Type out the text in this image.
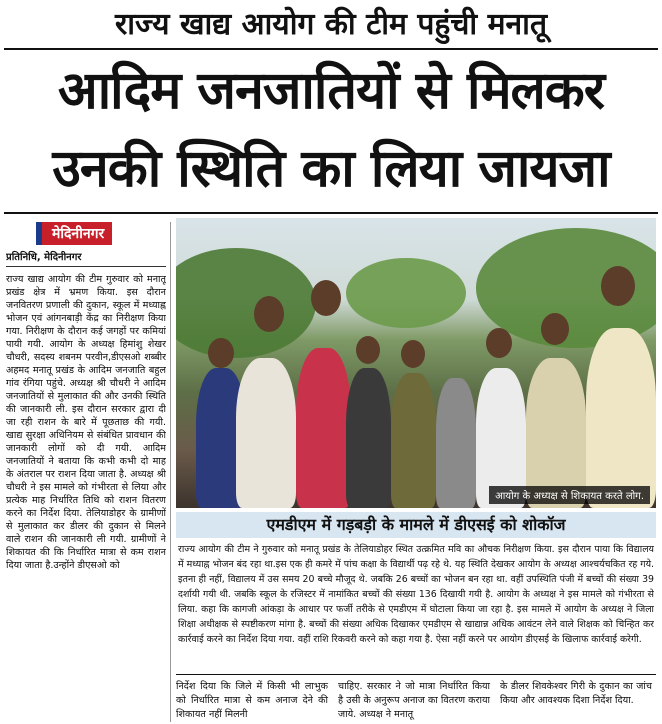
राज्य खाद्य आयोग की टीम पहुंची मनातू
आदिम जनजातियों से मिलकर
उनकी स्थिति का लिया जायजा
मेदिनीनगर
प्रतिनिधि, मेदिनीनगर

राज्य खाद्य आयोग की टीम गुरुवार को मनातू प्रखंड क्षेत्र में भ्रमण किया. इस दौरान जनवितरण प्रणाली की दुकान, स्कूल में मध्याह्न भोजन एवं आंगनबाड़ी केंद्र का निरीक्षण किया गया. निरीक्षण के दौरान कई जगहों पर कमियां पायी गयी. आयोग के अध्यक्ष हिमांशु शेखर चौधरी, सदस्य शबनम परवीन,डीएसओ शब्बीर अहमद मनातू प्रखंड के आदिम जनजाति बहुल गांव रंगिया पहुंचे. अध्यक्ष श्री चौधरी ने आदिम जनजातियों से मुलाकात की और उनकी स्थिति की जानकारी ली. इस दौरान सरकार द्वारा दी जा रही राशन के बारे में पूछताछ की गयी. खाद्य सुरक्षा अधिनियम से संबंधित प्रावधान की जानकारी लोगों को दी गयी. आदिम जनजातियों ने बताया कि कभी कभी दो माह के अंतराल पर राशन दिया जाता है. अध्यक्ष श्री चौधरी ने इस मामले को गंभीरता से लिया और प्रत्येक माह निर्धारित तिथि को राशन वितरण करने का निर्देश दिया. तेलियाडोहर के ग्रामीणों से मुलाकात कर डीलर की दुकान से मिलने वाले राशन की जानकारी ली गयी. ग्रामीणों ने शिकायत की कि निर्धारित मात्रा से कम राशन दिया जाता है.उन्होंने डीएसओ को

आयोग के अध्यक्ष से शिकायत करते लोग.
एमडीएम में गड़बड़ी के मामले में डीएसई को शोकॉज

राज्य आयोग की टीम ने गुरुवार को मनातू प्रखंड के तेलियाडोहर स्थित उत्क्रमित मवि का औचक निरीक्षण किया. इस दौरान पाया कि विद्यालय में मध्याह्न भोजन बंद रहा था.इस एक ही कमरे में पांच कक्षा के विद्यार्थी पढ़ रहे थे. यह स्थिति देखकर आयोग के अध्यक्ष आश्चर्यचकित रह गये. इतना ही नहीं, विद्यालय में उस समय 20 बच्चे मौजूद थे. जबकि 26 बच्चों का भोजन बन रहा था. वहीं उपस्थिति पंजी में बच्चों की संख्या 39 दर्शायी गयी थी. जबकि स्कूल के रजिस्टर में नामांकित बच्चों की संख्या 136 दिखायी गयी है. आयोग के अध्यक्ष ने इस मामले को गंभीरता से लिया. कहा कि कागजी आंकड़ा के आधार पर फर्जी तरीके से एमडीएम में घोटाला किया जा रहा है. इस मामले में आयोग के अध्यक्ष ने जिला शिक्षा अधीक्षक से स्पष्टीकरण मांगा है. बच्चों की संख्या अधिक दिखाकर एमडीएम से खाद्यान्न अधिक आवंटन लेने वाले शिक्षक को चिन्हित कर कार्रवाई करने का निर्देश दिया गया. वहीं राशि रिकवरी करने को कहा गया है. ऐसा नहीं करने पर आयोग डीएसई के खिलाफ कार्रवाई करेगी.

निर्देश दिया कि जिले में किसी भी लाभुक को निर्धारित मात्रा से कम अनाज देने की शिकायत नहीं मिलनी
चाहिए. सरकार ने जो मात्रा निर्धारित किया है उसी के अनुरूप अनाज का वितरण कराया जाये. अध्यक्ष ने मनातू
के डीलर शिवकेश्वर गिरी के दुकान का जांच किया और आवश्यक दिशा निर्देश दिया.
